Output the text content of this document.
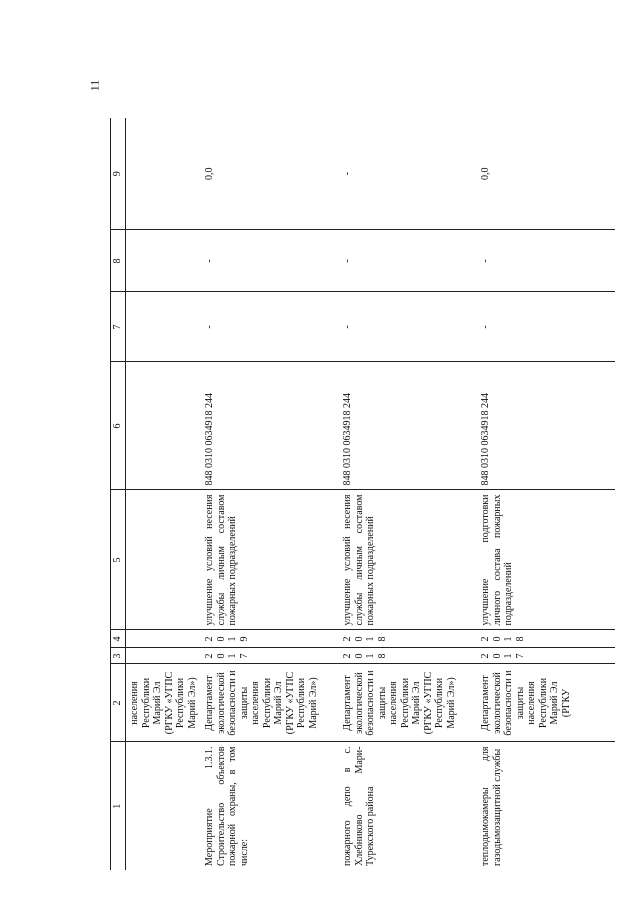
11
1	2	3	4	5	6	7	8	9
	населения Республики Марий Эл (РГКУ «УГПС Республики Марий Эл»)							
Мероприятие 1.3.1. Строительство объектов пожарной охраны, в том числе:	Департамент экологической безопасности и защиты населения Республики Марий Эл (РГКУ «УГПС Республики Марий Эл»)	2017	2019	улучшение условий несения службы личным составом пожарных подразделений	848 0310 0634918 244	-	-	0,0
пожарного депо в с. Хлебниково Мари-Турекского района	Департамент экологической безопасности и защиты населения Республики Марий Эл (РГКУ «УГПС Республики Марий Эл»)	2018	2018	улучшение условий несения службы личным составом пожарных подразделений	848 0310 0634918 244	-	-	-
теплодымокамеры для газодымозащитной службы	Департамент экологической безопасности и защиты населения Республики Марий Эл (РГКУ	2017	2018	улучшение подготовки личного состава пожарных подразделений	848 0310 0634918 244	-	-	0,0
